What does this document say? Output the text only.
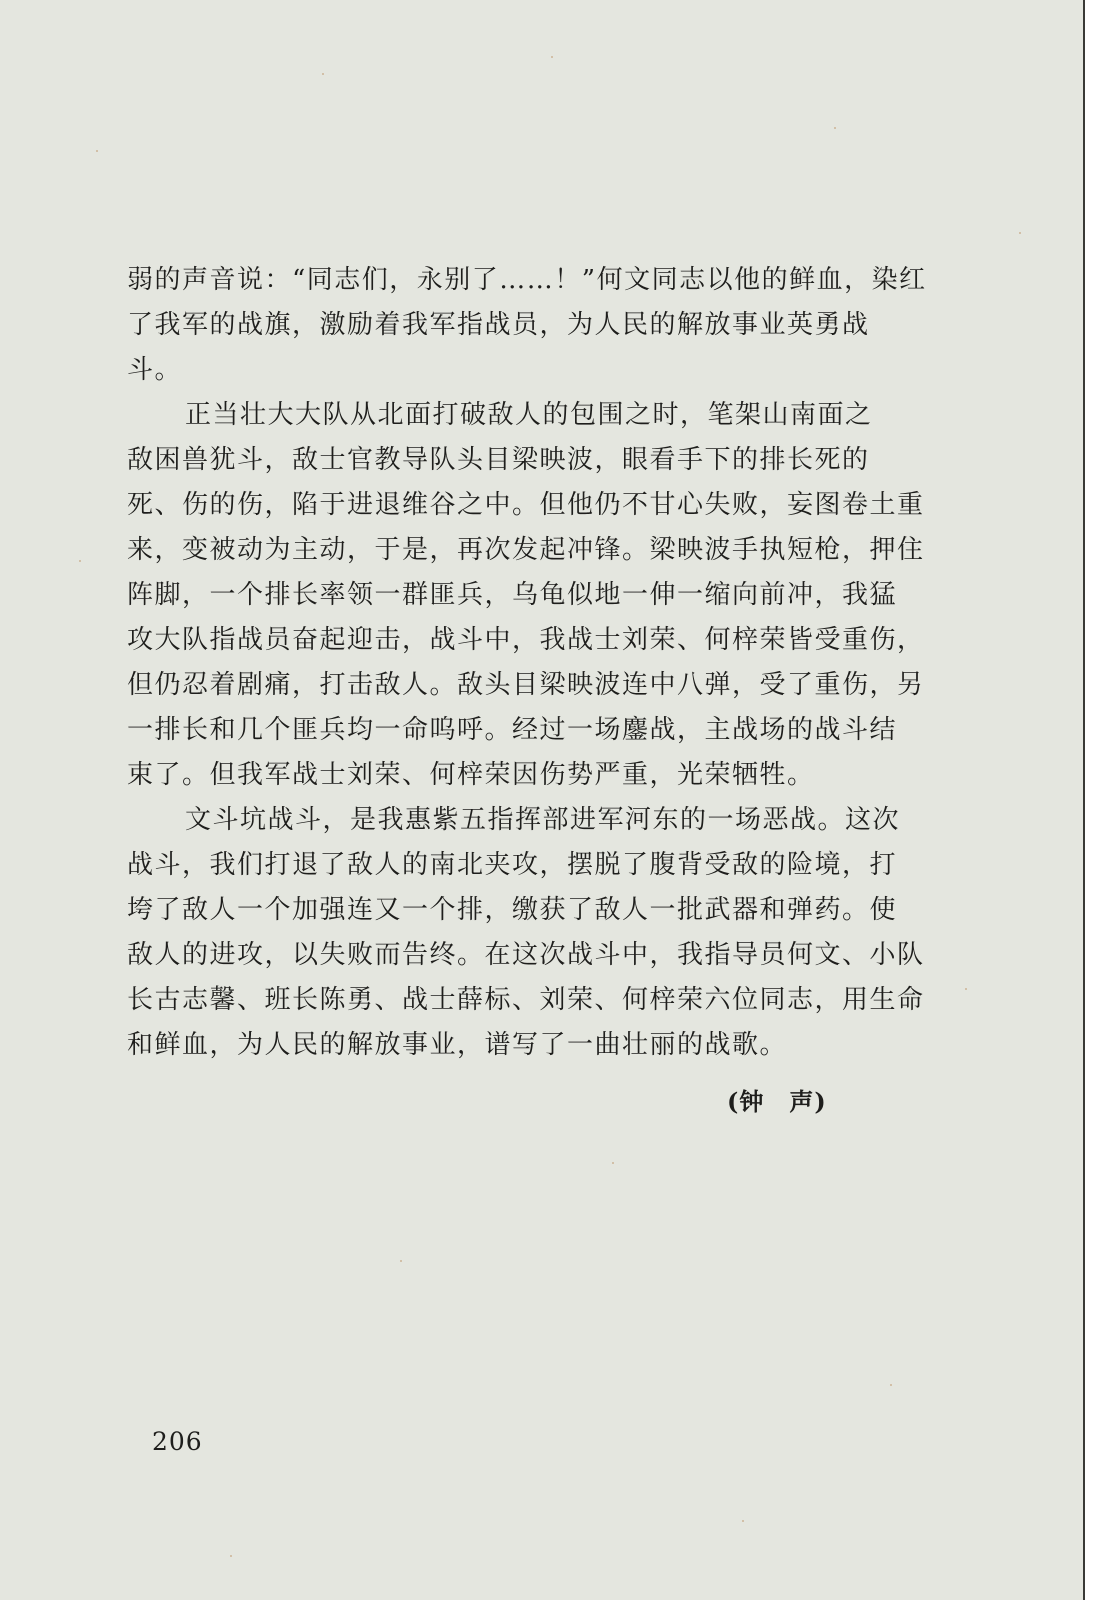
弱的声音说：“同志们，永别了……！”何文同志以他的鲜血，染红
了我军的战旗，激励着我军指战员，为人民的解放事业英勇战
斗。
正当壮大大队从北面打破敌人的包围之时，笔架山南面之
敌困兽犹斗，敌士官教导队头目梁映波，眼看手下的排长死的
死、伤的伤，陷于进退维谷之中。但他仍不甘心失败，妄图卷土重
来，变被动为主动，于是，再次发起冲锋。梁映波手执短枪，押住
阵脚，一个排长率领一群匪兵，乌龟似地一伸一缩向前冲，我猛
攻大队指战员奋起迎击，战斗中，我战士刘荣、何梓荣皆受重伤，
但仍忍着剧痛，打击敌人。敌头目梁映波连中八弹，受了重伤，另
一排长和几个匪兵均一命呜呼。经过一场鏖战，主战场的战斗结
束了。但我军战士刘荣、何梓荣因伤势严重，光荣牺牲。
文斗坑战斗，是我惠紫五指挥部进军河东的一场恶战。这次
战斗，我们打退了敌人的南北夹攻，摆脱了腹背受敌的险境，打
垮了敌人一个加强连又一个排，缴获了敌人一批武器和弹药。使
敌人的进攻，以失败而告终。在这次战斗中，我指导员何文、小队
长古志馨、班长陈勇、战士薛标、刘荣、何梓荣六位同志，用生命
和鲜血，为人民的解放事业，谱写了一曲壮丽的战歌。
(钟　声)
206
